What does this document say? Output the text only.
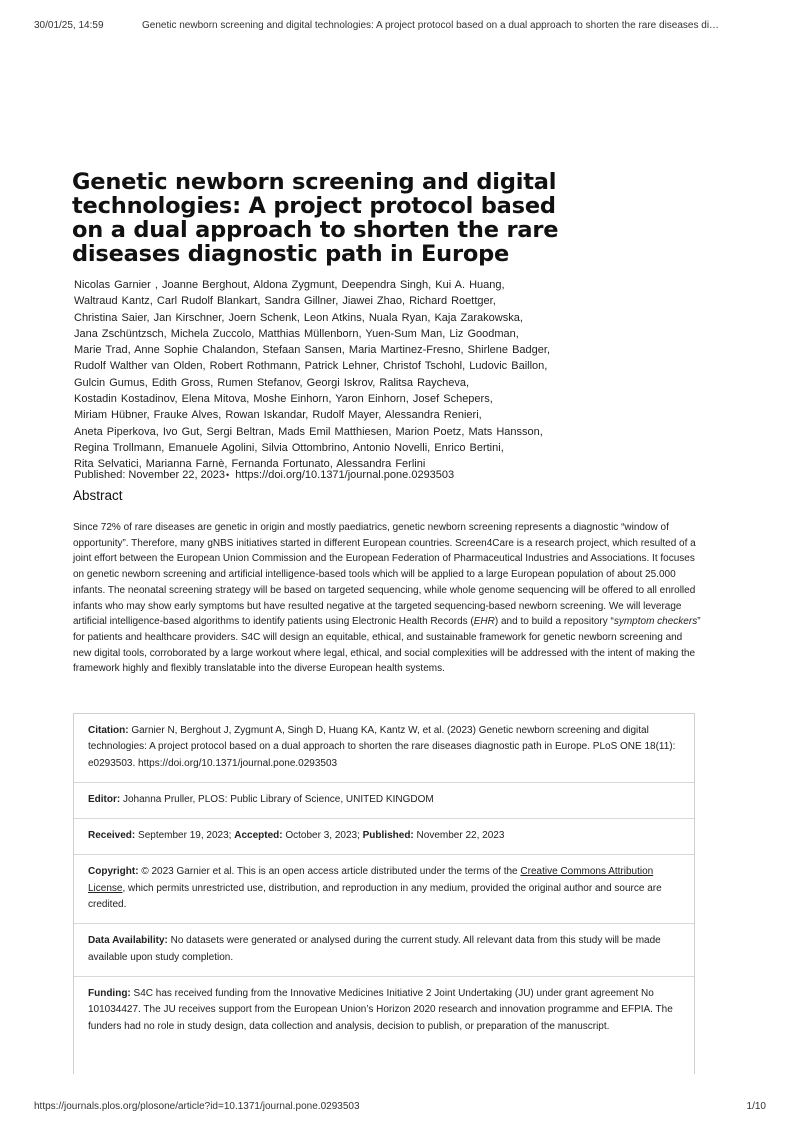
30/01/25, 14:59	Genetic newborn screening and digital technologies: A project protocol based on a dual approach to shorten the rare diseases di…
Genetic newborn screening and digital technologies: A project protocol based on a dual approach to shorten the rare diseases diagnostic path in Europe
Nicolas Garnier , Joanne Berghout, Aldona Zygmunt, Deependra Singh, Kui A. Huang,
Waltraud Kantz, Carl Rudolf Blankart, Sandra Gillner, Jiawei Zhao, Richard Roettger,
Christina Saier, Jan Kirschner, Joern Schenk, Leon Atkins, Nuala Ryan, Kaja Zarakowska,
Jana Zschüntzsch, Michela Zuccolo, Matthias Müllenborn, Yuen-Sum Man, Liz Goodman,
Marie Trad, Anne Sophie Chalandon, Stefaan Sansen, Maria Martinez-Fresno, Shirlene Badger,
Rudolf Walther van Olden, Robert Rothmann, Patrick Lehner, Christof Tschohl, Ludovic Baillon,
Gulcin Gumus, Edith Gross, Rumen Stefanov, Georgi Iskrov, Ralitsa Raycheva,
Kostadin Kostadinov, Elena Mitova, Moshe Einhorn, Yaron Einhorn, Josef Schepers,
Miriam Hübner, Frauke Alves, Rowan Iskandar, Rudolf Mayer, Alessandra Renieri,
Aneta Piperkova, Ivo Gut, Sergi Beltran, Mads Emil Matthiesen, Marion Poetz, Mats Hansson,
Regina Trollmann, Emanuele Agolini, Silvia Ottombrino, Antonio Novelli, Enrico Bertini,
Rita Selvatici, Marianna Farnè, Fernanda Fortunato, Alessandra Ferlini
Published: November 22, 2023• https://doi.org/10.1371/journal.pone.0293503
Abstract

Since 72% of rare diseases are genetic in origin and mostly paediatrics, genetic newborn screening represents a diagnostic “window of opportunity”. Therefore, many gNBS initiatives started in different European countries. Screen4Care is a research project, which resulted of a joint effort between the European Union Commission and the European Federation of Pharmaceutical Industries and Associations. It focuses on genetic newborn screening and artificial intelligence-based tools which will be applied to a large European population of about 25.000 infants. The neonatal screening strategy will be based on targeted sequencing, while whole genome sequencing will be offered to all enrolled infants who may show early symptoms but have resulted negative at the targeted sequencing-based newborn screening. We will leverage artificial intelligence-based algorithms to identify patients using Electronic Health Records (EHR) and to build a repository “symptom checkers” for patients and healthcare providers. S4C will design an equitable, ethical, and sustainable framework for genetic newborn screening and new digital tools, corroborated by a large workout where legal, ethical, and social complexities will be addressed with the intent of making the framework highly and flexibly translatable into the diverse European health systems.

Citation: Garnier N, Berghout J, Zygmunt A, Singh D, Huang KA, Kantz W, et al. (2023) Genetic newborn screening and digital technologies: A project protocol based on a dual approach to shorten the rare diseases diagnostic path in Europe. PLoS ONE 18(11): e0293503. https://doi.org/10.1371/journal.pone.0293503
Editor: Johanna Pruller, PLOS: Public Library of Science, UNITED KINGDOM
Received: September 19, 2023; Accepted: October 3, 2023; Published: November 22, 2023
Copyright: © 2023 Garnier et al. This is an open access article distributed under the terms of the Creative Commons Attribution License, which permits unrestricted use, distribution, and reproduction in any medium, provided the original author and source are credited.
Data Availability: No datasets were generated or analysed during the current study. All relevant data from this study will be made available upon study completion.
Funding: S4C has received funding from the Innovative Medicines Initiative 2 Joint Undertaking (JU) under grant agreement No 101034427. The JU receives support from the European Union’s Horizon 2020 research and innovation programme and EFPIA. The funders had no role in study design, data collection and analysis, decision to publish, or preparation of the manuscript.
https://journals.plos.org/plosone/article?id=10.1371/journal.pone.0293503	1/10
